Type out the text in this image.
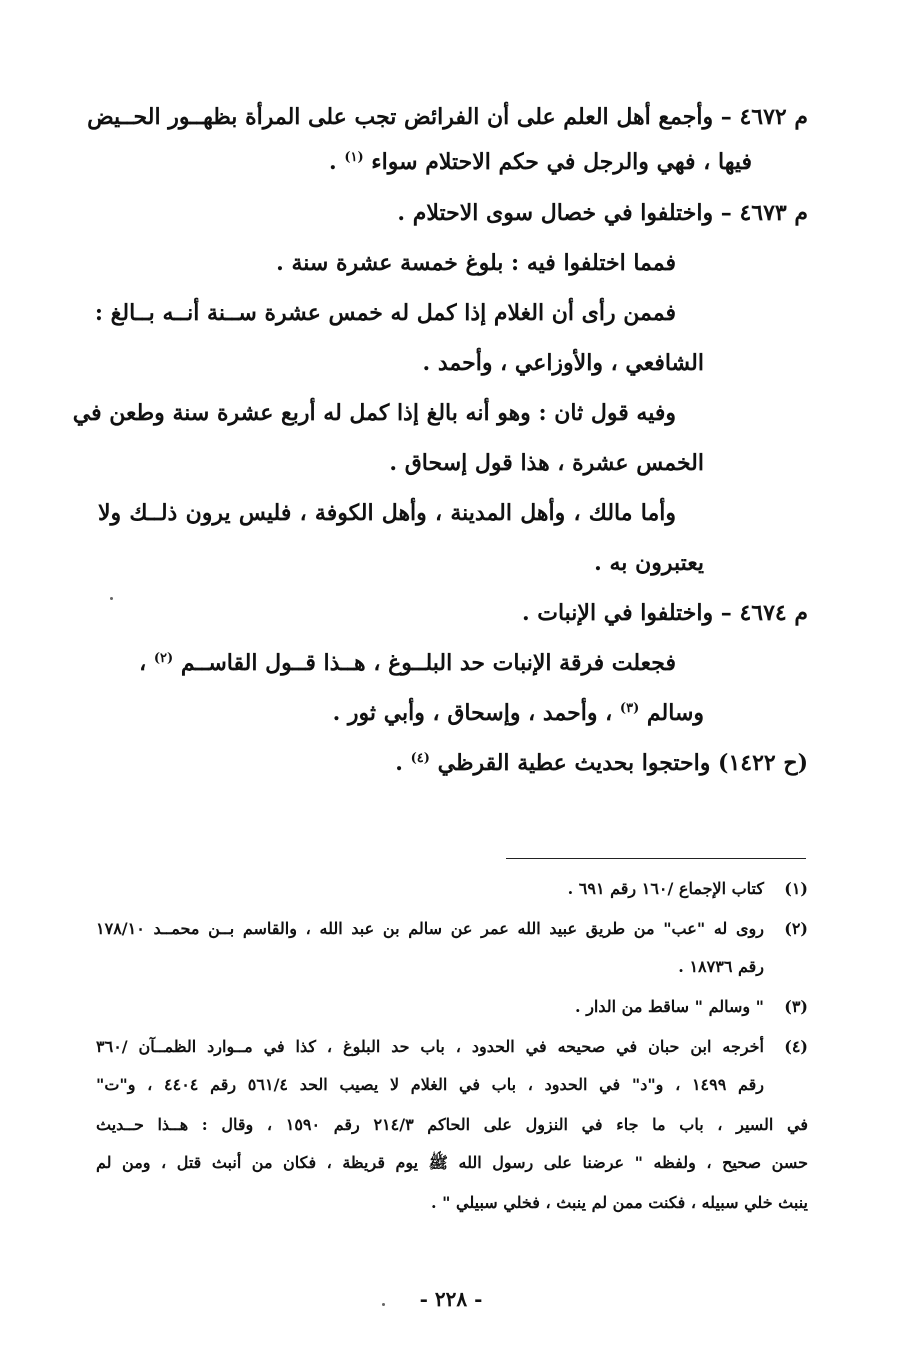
م ٤٦٧٢ – وأجمع أهل العلم على أن الفرائض تجب على المرأة بظهــور الحــيض
فيها ، فهي والرجل في حكم الاحتلام سواء $^{(١)}$ .
م ٤٦٧٣ – واختلفوا في خصال سوى الاحتلام .
فمما اختلفوا فيه : بلوغ خمسة عشرة سنة .
فممن رأى أن الغلام إذا كمل له خمس عشرة ســنة أنــه بــالغ :
الشافعي ، والأوزاعي ، وأحمد .
وفيه قول ثان : وهو أنه بالغ إذا كمل له أربع عشرة سنة وطعن في
الخمس عشرة ، هذا قول إسحاق .
وأما مالك ، وأهل المدينة ، وأهل الكوفة ، فليس يرون ذلــك ولا
يعتبرون به .
م ٤٦٧٤ – واختلفوا في الإنبات .
فجعلت فرقة الإنبات حد البلــوغ ، هــذا قــول القاســم $^{(٢)}$ ،
وسالم $^{(٣)}$ ، وأحمد ، وإسحاق ، وأبي ثور .
(ح ١٤٢٢) واحتجوا بحديث عطية القرظي $^{(٤)}$ .
(١)كتاب الإجماع /١٦٠ رقم ٦٩١ .
(٢)روى له "عب" من طريق عبيد الله عمر عن سالم بن عبد الله ، والقاسم بــن محمــد ١٧٨/١٠
رقم ١٨٧٣٦ .
(٣)" وسالم " ساقط من الدار .
(٤)أخرجه ابن حبان في صحيحه في الحدود ، باب حد البلوغ ، كذا في مــوارد الظمــآن /٣٦٠
رقم ١٤٩٩ ، و"د" في الحدود ، باب في الغلام لا يصيب الحد ٥٦١/٤ رقم ٤٤٠٤ ، و"ت"
في السير ، باب ما جاء في النزول على الحاكم ٢١٤/٣ رقم ١٥٩٠ ، وقال : هــذا حــديث
حسن صحيح ، ولفظه " عرضنا على رسول الله ﷺ يوم قريظة ، فكان من أنبث قتل ، ومن لم
ينبث خلي سبيله ، فكنت ممن لم ينبث ، فخلي سبيلي " .
- ٢٢٨ -
